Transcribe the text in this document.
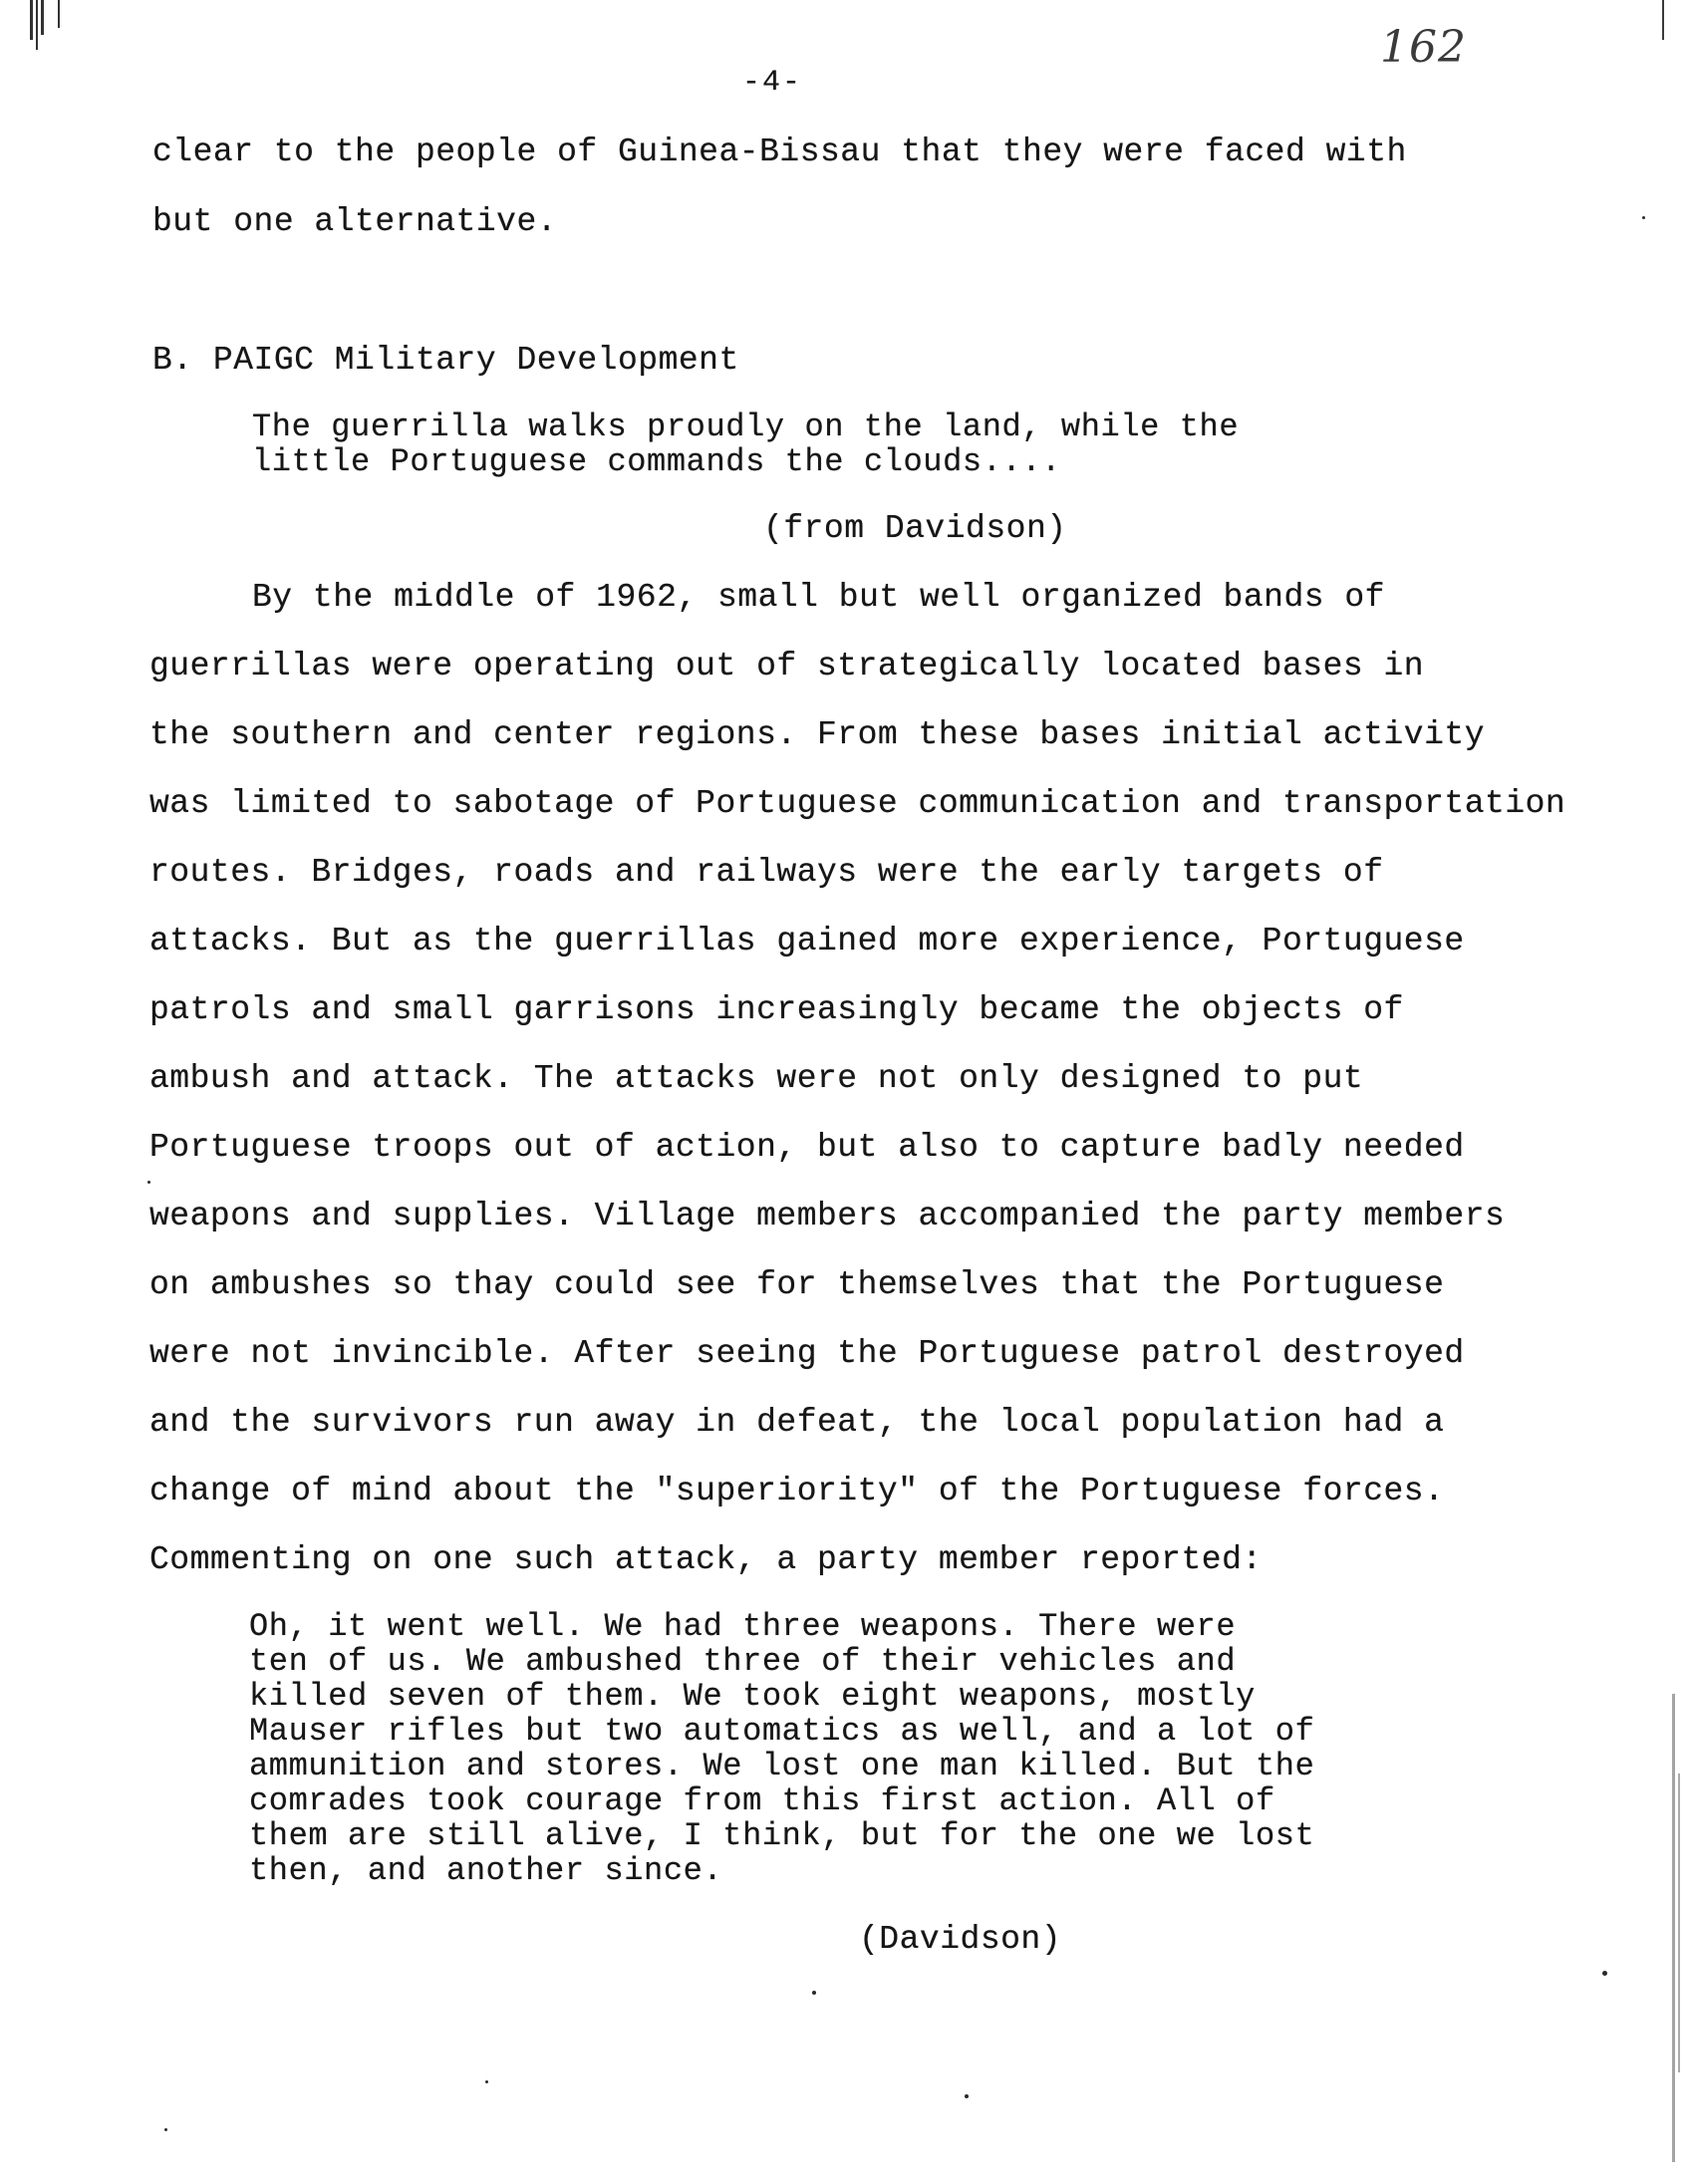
-4-
162
clear to the people of Guinea-Bissau that they were faced with
but one alternative.
B. PAIGC Military Development
The guerrilla walks proudly on the land, while the
little Portuguese commands the clouds....
(from Davidson)
By the middle of 1962, small but well organized bands of
guerrillas were operating out of strategically located bases in
the southern and center regions. From these bases initial activity
was limited to sabotage of Portuguese communication and transportation
routes. Bridges, roads and railways were the early targets of
attacks. But as the guerrillas gained more experience, Portuguese
patrols and small garrisons increasingly became the objects of
ambush and attack. The attacks were not only designed to put
Portuguese troops out of action, but also to capture badly needed
weapons and supplies. Village members accompanied the party members
on ambushes so thay could see for themselves that the Portuguese
were not invincible. After seeing the Portuguese patrol destroyed
and the survivors run away in defeat, the local population had a
change of mind about the "superiority" of the Portuguese forces.
Commenting on one such attack, a party member reported:
Oh, it went well. We had three weapons. There were
ten of us. We ambushed three of their vehicles and
killed seven of them. We took eight weapons, mostly
Mauser rifles but two automatics as well, and a lot of
ammunition and stores. We lost one man killed. But the
comrades took courage from this first action. All of
them are still alive, I think, but for the one we lost
then, and another since.
(Davidson)
